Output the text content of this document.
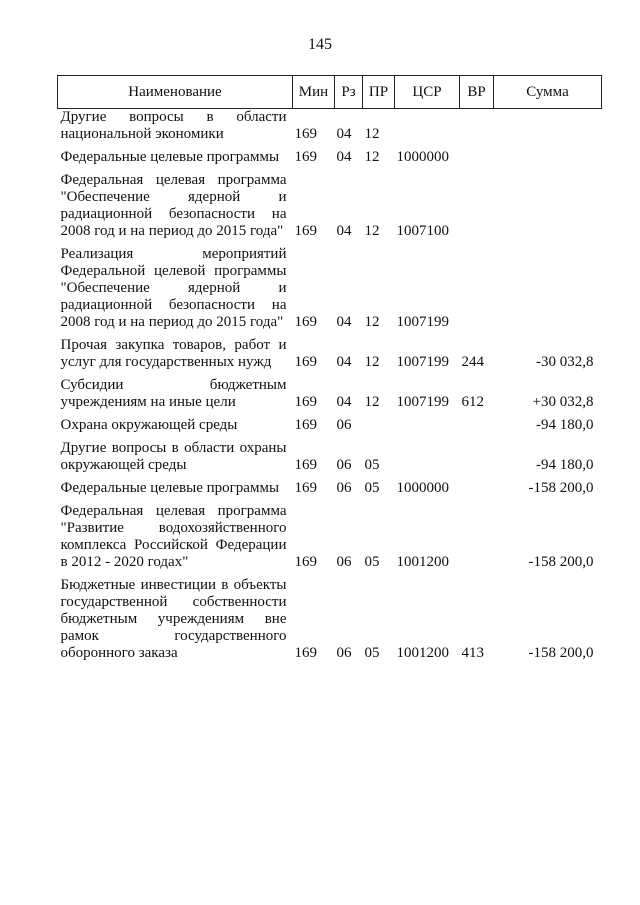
145
Наименование	Мин	Рз	ПР	ЦСР	ВР	Сумма
Другие вопросы в области национальной экономики	169	04	12			
Федеральные целевые программы	169	04	12	1000000		
Федеральная целевая программа "Обеспечение ядерной и радиационной безопасности на 2008 год и на период до 2015 года"	169	04	12	1007100		
Реализация мероприятий Федеральной целевой программы "Обеспечение ядерной и радиационной безопасности на 2008 год и на период до 2015 года"	169	04	12	1007199		
Прочая закупка товаров, работ и услуг для государственных нужд	169	04	12	1007199	244	-30 032,8
Субсидии бюджетным учреждениям на иные цели	169	04	12	1007199	612	+30 032,8
Охрана окружающей среды	169	06				-94 180,0
Другие вопросы в области охраны окружающей среды	169	06	05			-94 180,0
Федеральные целевые программы	169	06	05	1000000		-158 200,0
Федеральная целевая программа "Развитие водохозяйственного комплекса Российской Федерации в 2012 - 2020 годах"	169	06	05	1001200		-158 200,0
Бюджетные инвестиции в объекты государственной собственности бюджетным учреждениям вне рамок государственного оборонного заказа	169	06	05	1001200	413	-158 200,0
